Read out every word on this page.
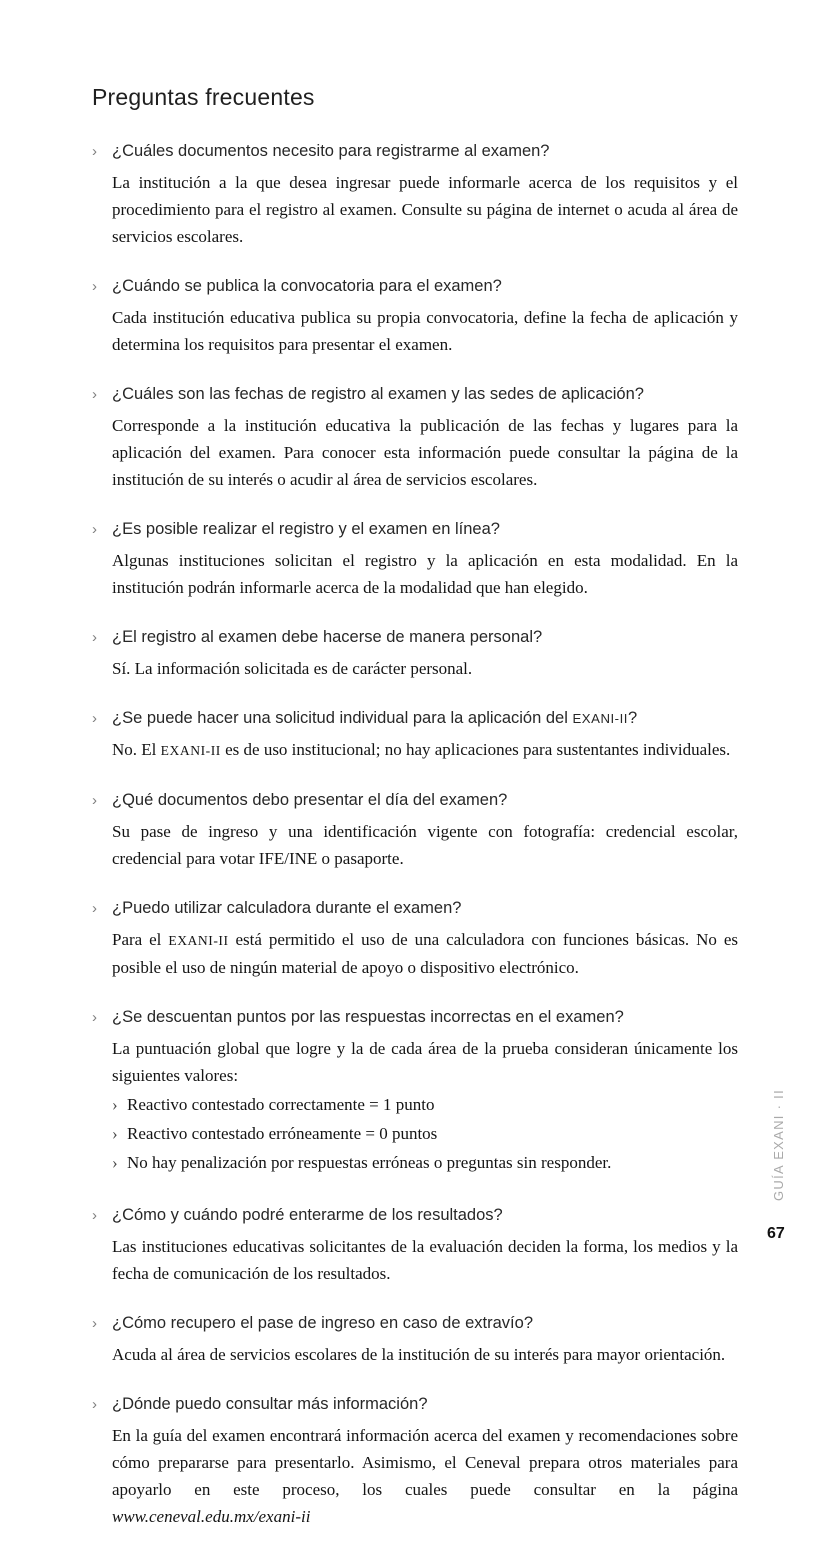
Preguntas frecuentes
› ¿Cuáles documentos necesito para registrarme al examen?

La institución a la que desea ingresar puede informarle acerca de los requisitos y el procedimiento para el registro al examen. Consulte su página de internet o acuda al área de servicios escolares.

› ¿Cuándo se publica la convocatoria para el examen?

Cada institución educativa publica su propia convocatoria, define la fecha de aplicación y determina los requisitos para presentar el examen.

› ¿Cuáles son las fechas de registro al examen y las sedes de aplicación?

Corresponde a la institución educativa la publicación de las fechas y lugares para la aplicación del examen. Para conocer esta información puede consultar la página de la institución de su interés o acudir al área de servicios escolares.

› ¿Es posible realizar el registro y el examen en línea?

Algunas instituciones solicitan el registro y la aplicación en esta modalidad. En la institución podrán informarle acerca de la modalidad que han elegido.

› ¿El registro al examen debe hacerse de manera personal?

Sí. La información solicitada es de carácter personal.

› ¿Se puede hacer una solicitud individual para la aplicación del EXANI-II?

No. El EXANI-II es de uso institucional; no hay aplicaciones para sustentantes individuales.

› ¿Qué documentos debo presentar el día del examen?

Su pase de ingreso y una identificación vigente con fotografía: credencial escolar, credencial para votar IFE/INE o pasaporte.

› ¿Puedo utilizar calculadora durante el examen?

Para el EXANI-II está permitido el uso de una calculadora con funciones básicas. No es posible el uso de ningún material de apoyo o dispositivo electrónico.

› ¿Se descuentan puntos por las respuestas incorrectas en el examen?

La puntuación global que logre y la de cada área de la prueba consideran únicamente los siguientes valores:

› Reactivo contestado correctamente = 1 punto
› Reactivo contestado erróneamente = 0 puntos
› No hay penalización por respuestas erróneas o preguntas sin responder.
› ¿Cómo y cuándo podré enterarme de los resultados?

Las instituciones educativas solicitantes de la evaluación deciden la forma, los medios y la fecha de comunicación de los resultados.

› ¿Cómo recupero el pase de ingreso en caso de extravío?

Acuda al área de servicios escolares de la institución de su interés para mayor orientación.

› ¿Dónde puedo consultar más información?

En la guía del examen encontrará información acerca del examen y recomendaciones sobre cómo prepararse para presentarlo. Asimismo, el Ceneval prepara otros materiales para apoyarlo en este proceso, los cuales puede consultar en la página www.ceneval.edu.mx/exani-ii

GUÍA EXANI · II
67
